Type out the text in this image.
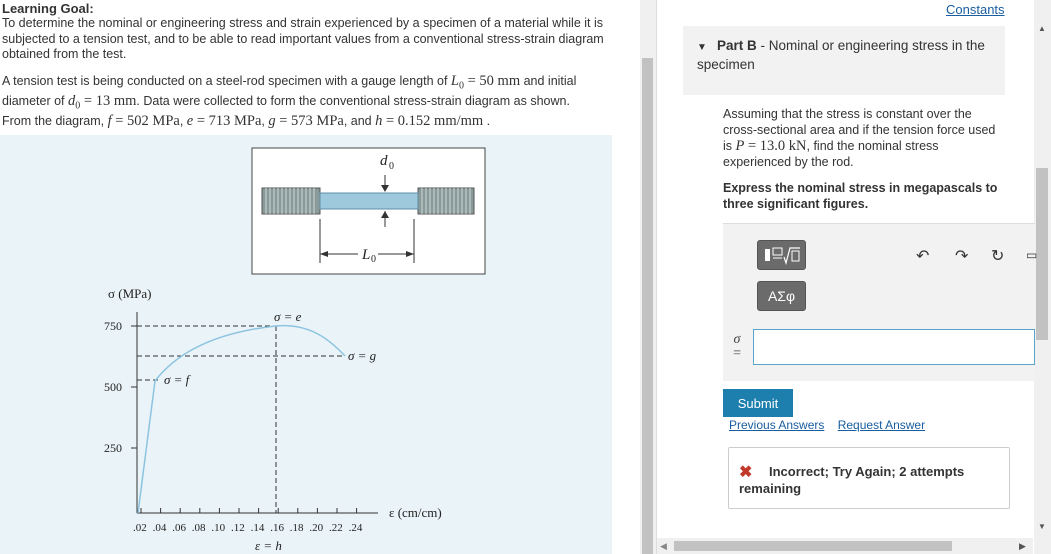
Learning Goal:
To determine the nominal or engineering stress and strain experienced by a specimen of a material while it is subjected to a tension test, and to be able to read important values from a conventional stress-strain diagram obtained from the test.
A tension test is being conducted on a steel-rod specimen with a gauge length of $L_0 = 50$ mm and initial
diameter of $d_0 = 13$ mm. Data were collected to form the conventional stress-strain diagram as shown.
From the diagram, f = 502 MPa, e = 713 MPa, g = 573 MPa, and h = 0.152 mm/mm .
d 0
L 0
σ (MPa)
ε (cm/cm)
750
500
250
.02 .04 .06 .08 .10 .12 .14 .16 .18 .20 .22 .24
σ = e
σ = f
σ = g
ε = h	◀	▶
▲
▼
Constants
▼ Part B - Nominal or engineering stress in the specimen
Assuming that the stress is constant over the cross-sectional area and if the tension force used is P = 13.0 kN, find the nominal stress experienced by the rod.
Express the nominal stress in megapascals to three significant figures.
ΑΣφ
↶ ↷ ↻ ▭
σ
=
Submit
Previous Answers Request Answer
✖	Incorrect; Try Again; 2 attempts remaining
